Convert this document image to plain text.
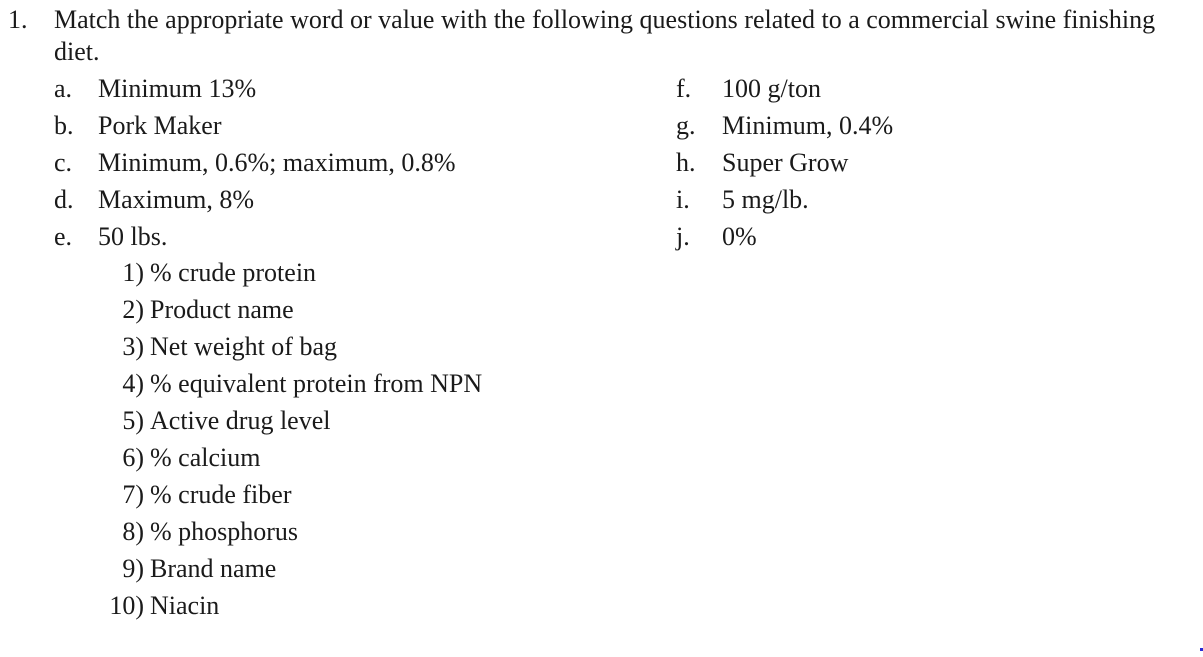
1. Match the appropriate word or value with the following questions related to a commercial swine finishing diet.
a. Minimum 13%
b. Pork Maker
c. Minimum, 0.6%; maximum, 0.8%
d. Maximum, 8%
e. 50 lbs.
f. 100 g/ton
g. Minimum, 0.4%
h. Super Grow
i. 5 mg/lb.
j. 0%
1) % crude protein
2) Product name
3) Net weight of bag
4) % equivalent protein from NPN
5) Active drug level
6) % calcium
7) % crude fiber
8) % phosphorus
9) Brand name
10) Niacin
